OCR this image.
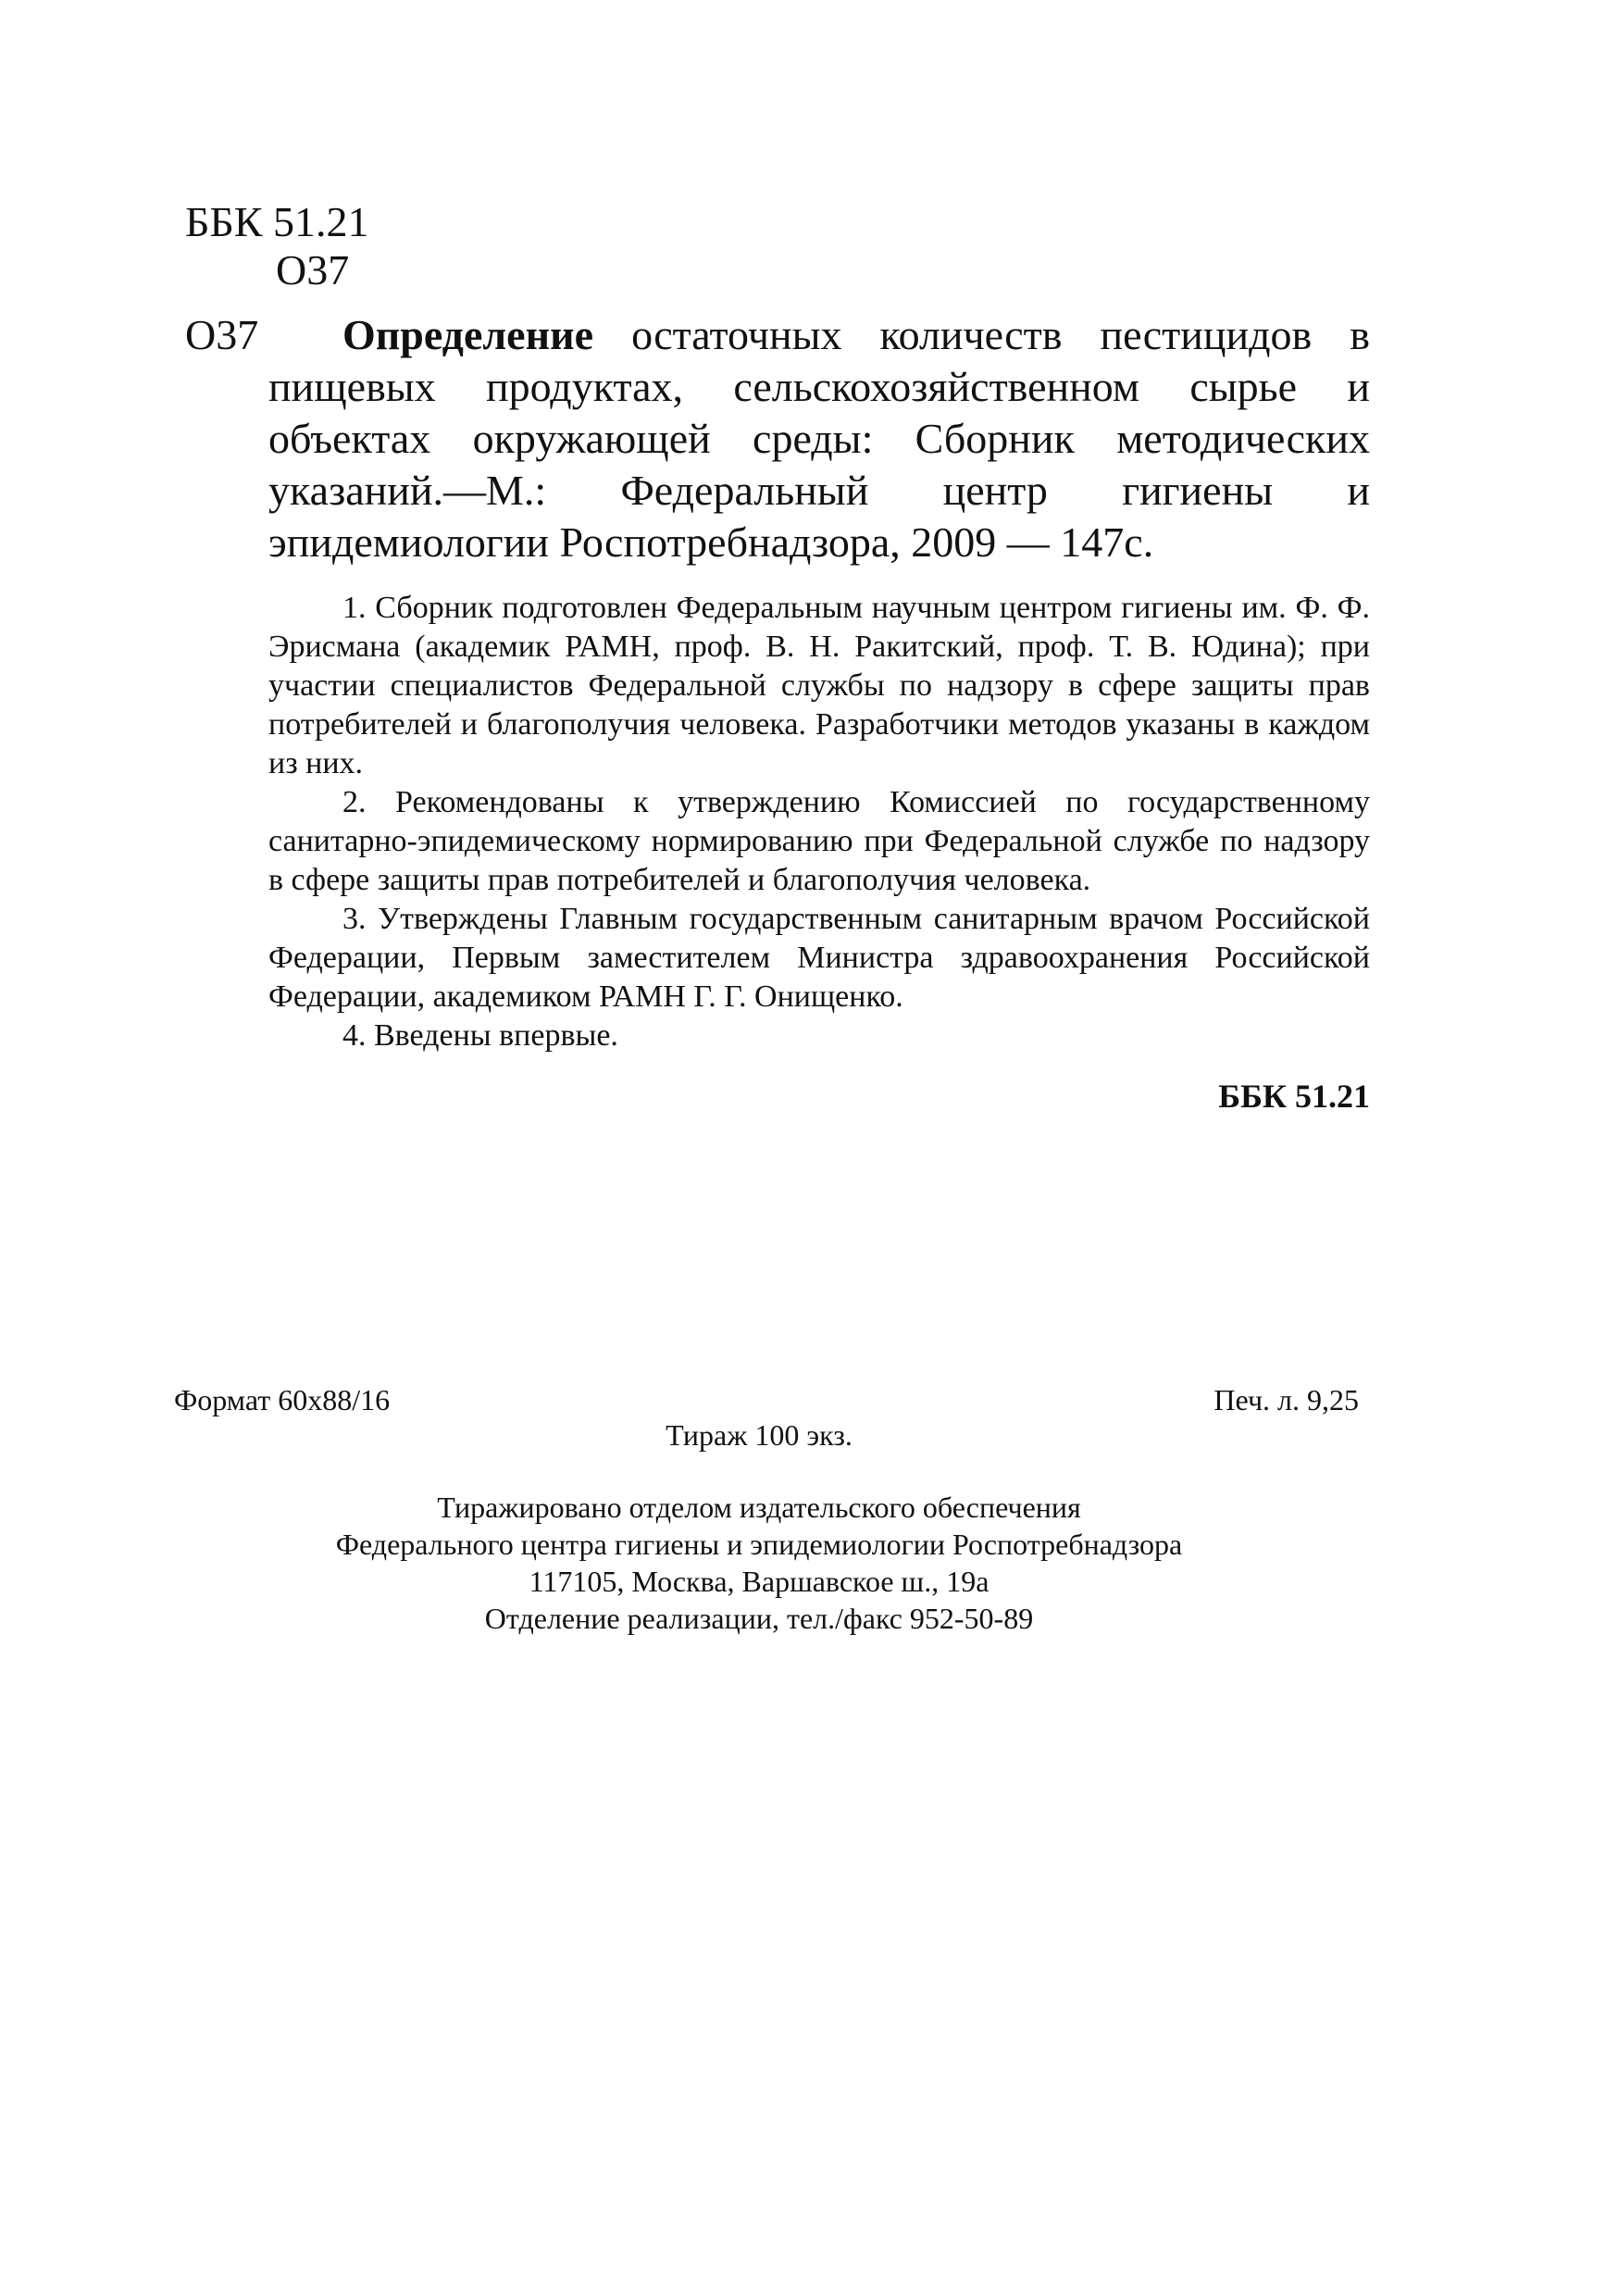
ББК 51.21
О37
О37	Определение остаточных количеств пестицидов в пищевых продуктах, сельскохозяйственном сырье и объектах окружающей среды: Сборник методических указаний.—М.: Федеральный центр гигиены и эпидемиологии Роспотребнадзора, 2009 — 147с.

1. Сборник подготовлен Федеральным научным центром гигиены им. Ф. Ф. Эрисмана (академик РАМН, проф. В. Н. Ракитский, проф. Т. В. Юдина); при участии специалистов Федеральной службы по надзору в сфере защиты прав потребителей и благополучия человека. Разработчики методов указаны в каждом из них.

2. Рекомендованы к утверждению Комиссией по государственному санитарно-эпидемическому нормированию при Федеральной службе по надзору в сфере защиты прав потребителей и благополучия человека.

3. Утверждены Главным государственным санитарным врачом Российской Федерации, Первым заместителем Министра здравоохранения Российской Федерации, академиком РАМН Г. Г. Онищенко.

4. Введены впервые.

ББК 51.21
Формат 60x88/16	Печ. л. 9,25
Тираж 100 экз.
Тиражировано отделом издательского обеспечения
Федерального центра гигиены и эпидемиологии Роспотребнадзора
117105, Москва, Варшавское ш., 19а
Отделение реализации, тел./факс 952-50-89
